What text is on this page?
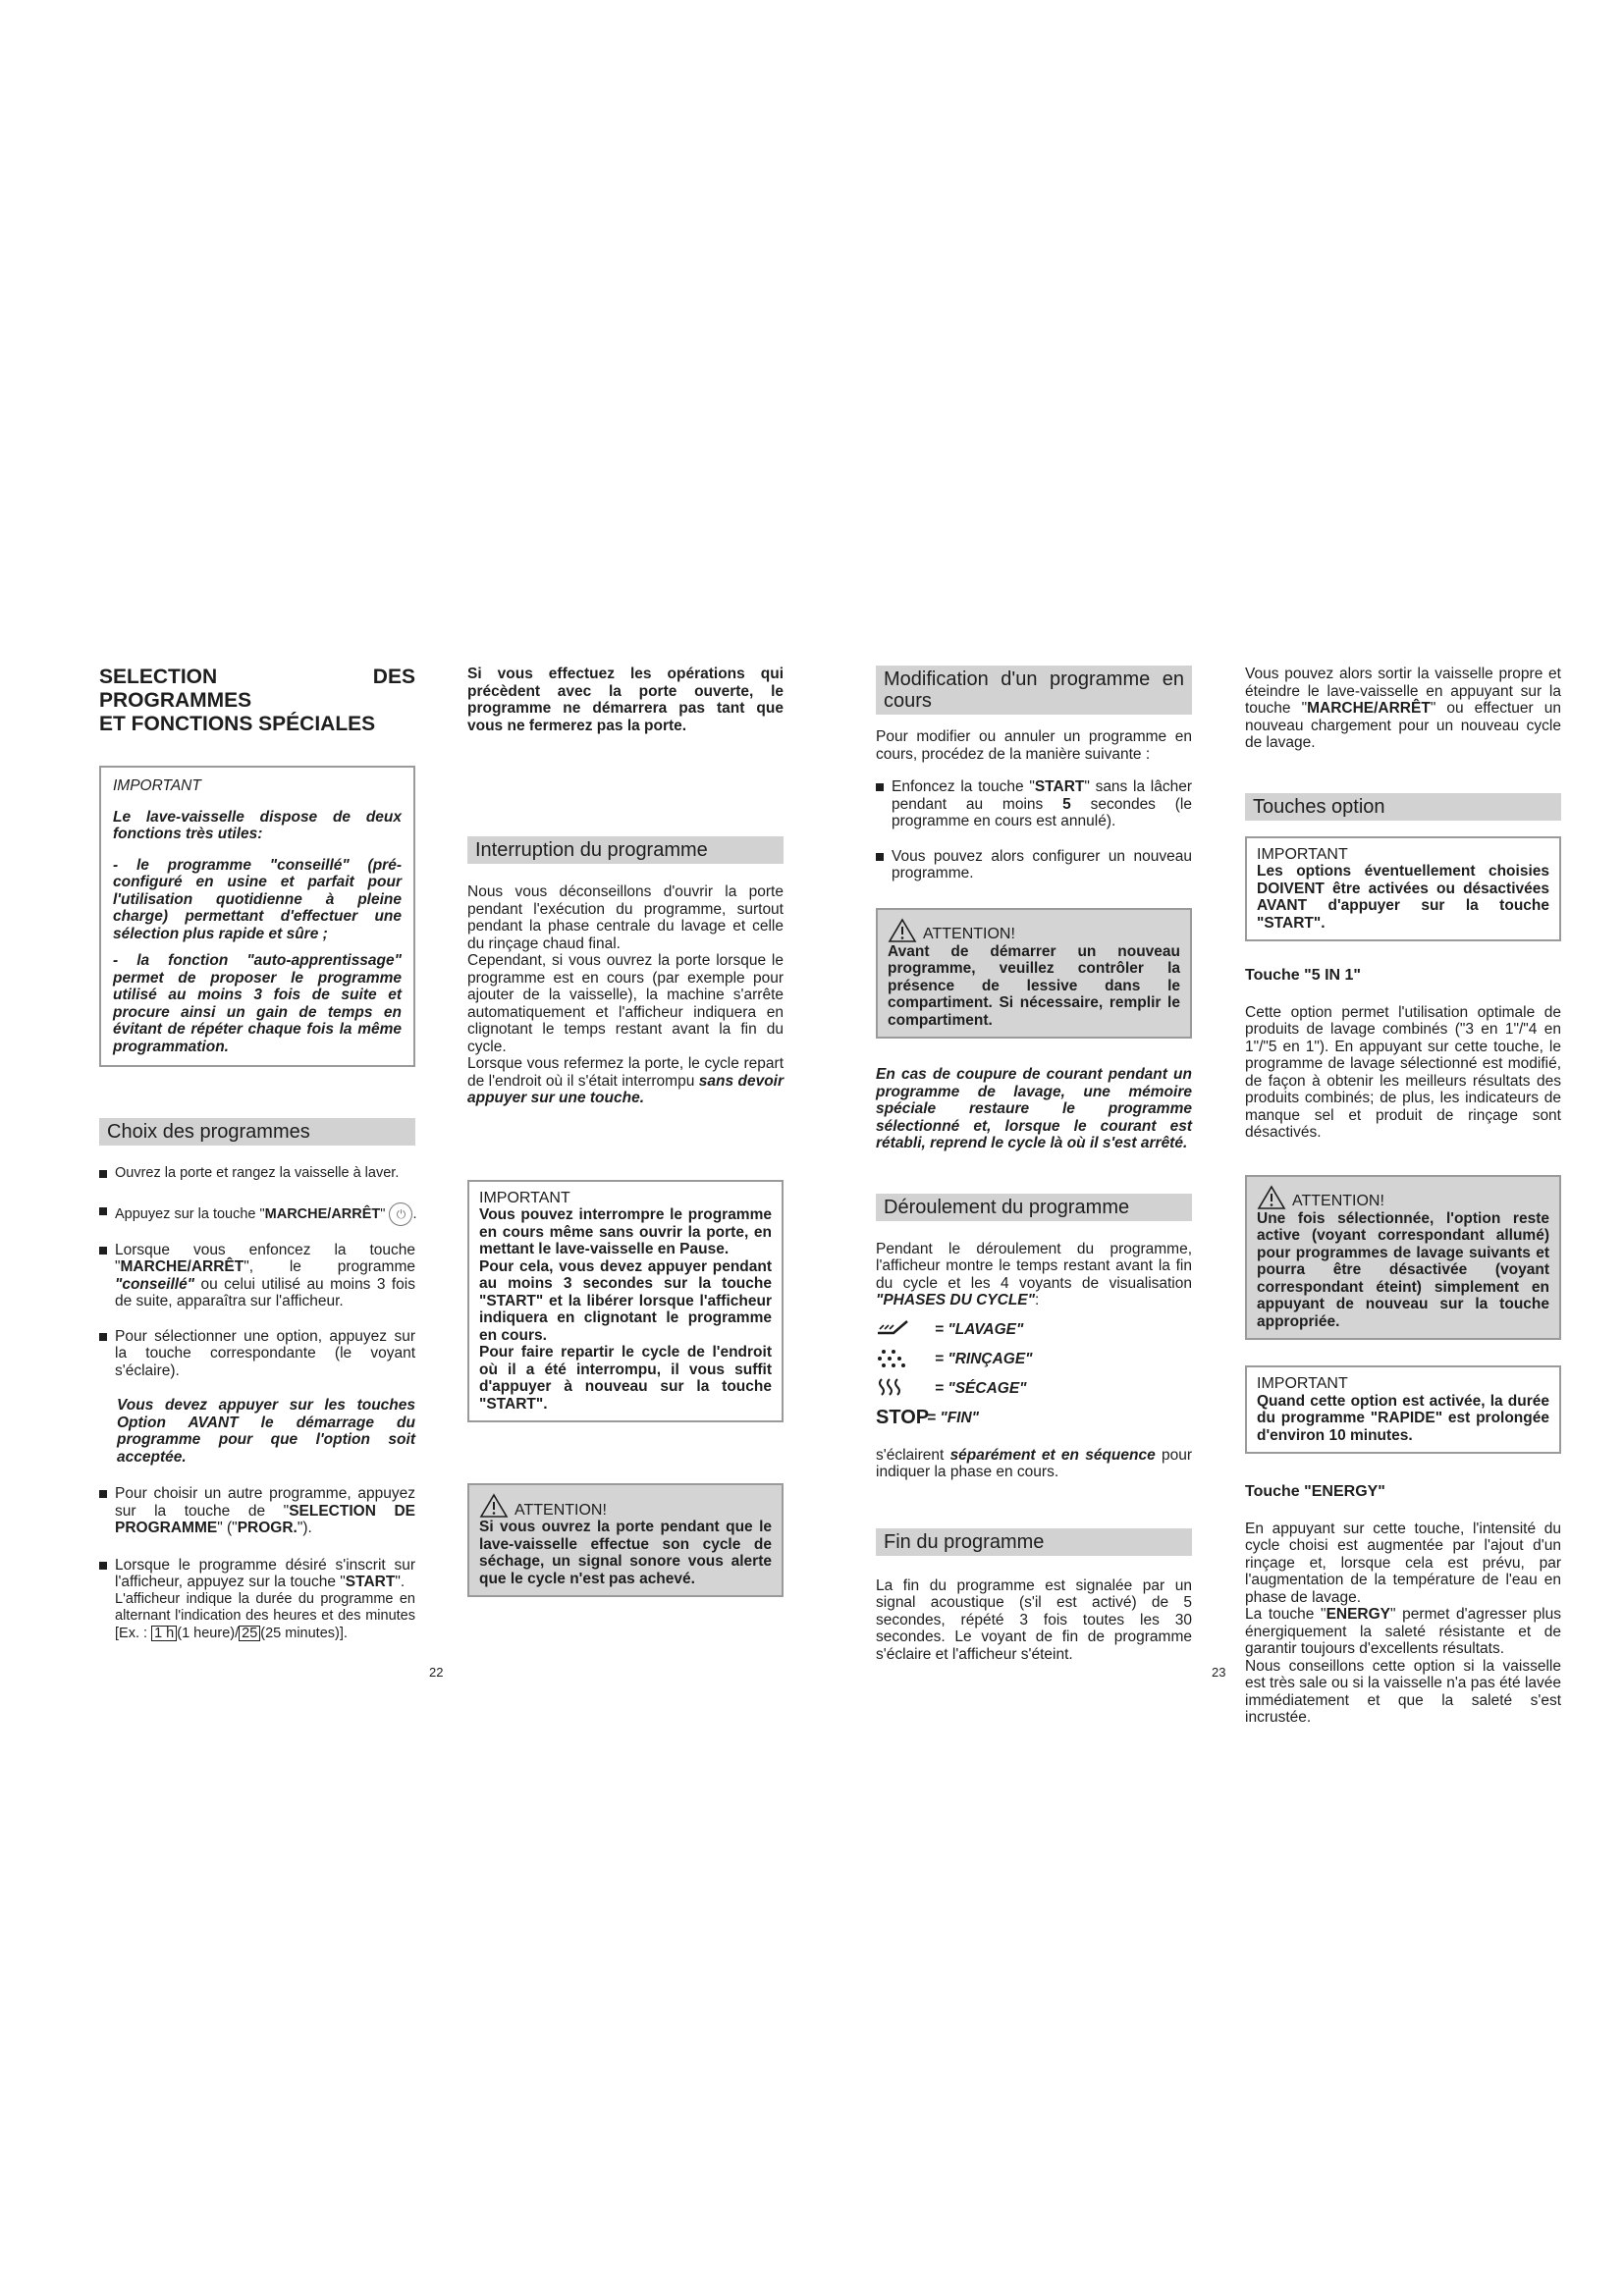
SELECTION DES PROGRAMMES

ET FONCTIONS SPÉCIALES

IMPORTANT

Le lave-vaisselle dispose de deux fonctions très utiles:

- le programme "conseillé" (pré-configuré en usine et parfait pour l'utilisation quotidienne à pleine charge) permettant d'effectuer une sélection plus rapide et sûre ;

- la fonction "auto-apprentissage" permet de proposer le programme utilisé au moins 3 fois de suite et procure ainsi un gain de temps en évitant de répéter chaque fois la même programmation.

Choix des programmes

Ouvrez la porte et rangez la vaisselle à laver.

Appuyez sur la touche "MARCHE/ARRÊT" ⏻ .

Lorsque vous enfoncez la touche "MARCHE/ARRÊT", le programme "conseillé" ou celui utilisé au moins 3 fois de suite, apparaîtra sur l'afficheur.

Pour sélectionner une option, appuyez sur la touche correspondante (le voyant s'éclaire).

Vous devez appuyer sur les touches Option AVANT le démarrage du programme pour que l'option soit acceptée.

Pour choisir un autre programme, appuyez sur la touche de "SELECTION DE PROGRAMME" ("PROGR.").

Lorsque le programme désiré s'inscrit sur l'afficheur, appuyez sur la touche "START".

L'afficheur indique la durée du programme en alternant l'indication des heures et des minutes [Ex. : 1 h (1 heure)/ 25 (25 minutes)].

Si vous effectuez les opérations qui précèdent avec la porte ouverte, le programme ne démarrera pas tant que vous ne fermerez pas la porte.

Interruption du programme

Nous vous déconseillons d'ouvrir la porte pendant l'exécution du programme, surtout pendant la phase centrale du lavage et celle du rinçage chaud final.

Cependant, si vous ouvrez la porte lorsque le programme est en cours (par exemple pour ajouter de la vaisselle), la machine s'arrête automatiquement et l'afficheur indiquera en clignotant le temps restant avant la fin du cycle.

Lorsque vous refermez la porte, le cycle repart de l'endroit où il s'était interrompu sans devoir appuyer sur une touche.

IMPORTANT

Vous pouvez interrompre le programme en cours même sans ouvrir la porte, en mettant le lave-vaisselle en Pause.

Pour cela, vous devez appuyer pendant au moins 3 secondes sur la touche "START" et la libérer lorsque l'afficheur indiquera en clignotant le programme en cours.

Pour faire repartir le cycle de l'endroit où il a été interrompu, il vous suffit d'appuyer à nouveau sur la touche "START".

ATTENTION!

Si vous ouvrez la porte pendant que le lave-vaisselle effectue son cycle de séchage, un signal sonore vous alerte que le cycle n'est pas achevé.

22

Modification d'un programme en cours

Pour modifier ou annuler un programme en cours, procédez de la manière suivante :

Enfoncez la touche "START" sans la lâcher pendant au moins 5 secondes (le programme en cours est annulé).

Vous pouvez alors configurer un nouveau programme.

ATTENTION!

Avant de démarrer un nouveau programme, veuillez contrôler la présence de lessive dans le compartiment. Si nécessaire, remplir le compartiment.

En cas de coupure de courant pendant un programme de lavage, une mémoire spéciale restaure le programme sélectionné et, lorsque le courant est rétabli, reprend le cycle là où il s'est arrêté.

Déroulement du programme

Pendant le déroulement du programme, l'afficheur montre le temps restant avant la fin du cycle et les 4 voyants de visualisation "PHASES DU CYCLE":

= "LAVAGE"
= "RINÇAGE"
= "SÉCAGE"
STOP
= "FIN"

s'éclairent séparément et en séquence pour indiquer la phase en cours.

Fin du programme

La fin du programme est signalée par un signal acoustique (s'il est activé) de 5 secondes, répété 3 fois toutes les 30 secondes. Le voyant de fin de programme s'éclaire et l'afficheur s'éteint.

Vous pouvez alors sortir la vaisselle propre et éteindre le lave-vaisselle en appuyant sur la touche "MARCHE/ARRÊT" ou effectuer un nouveau chargement pour un nouveau cycle de lavage.

Touches option

IMPORTANT

Les options éventuellement choisies DOIVENT être activées ou désactivées AVANT d'appuyer sur la touche "START".

Touche "5 IN 1"

Cette option permet l'utilisation optimale de produits de lavage combinés ("3 en 1"/"4 en 1"/"5 en 1"). En appuyant sur cette touche, le programme de lavage sélectionné est modifié, de façon à obtenir les meilleurs résultats des produits combinés; de plus, les indicateurs de manque sel et produit de rinçage sont désactivés.

ATTENTION!

Une fois sélectionnée, l'option reste active (voyant correspondant allumé) pour programmes de lavage suivants et pourra être désactivée (voyant correspondant éteint) simplement en appuyant de nouveau sur la touche appropriée.

IMPORTANT

Quand cette option est activée, la durée du programme "RAPIDE" est prolongée d'environ 10 minutes.

Touche "ENERGY"

En appuyant sur cette touche, l'intensité du cycle choisi est augmentée par l'ajout d'un rinçage et, lorsque cela est prévu, par l'augmentation de la température de l'eau en phase de lavage.

La touche "ENERGY" permet d'agresser plus énergiquement la saleté résistante et de garantir toujours d'excellents résultats.

Nous conseillons cette option si la vaisselle est très sale ou si la vaisselle n'a pas été lavée immédiatement et que la saleté s'est incrustée.

23
